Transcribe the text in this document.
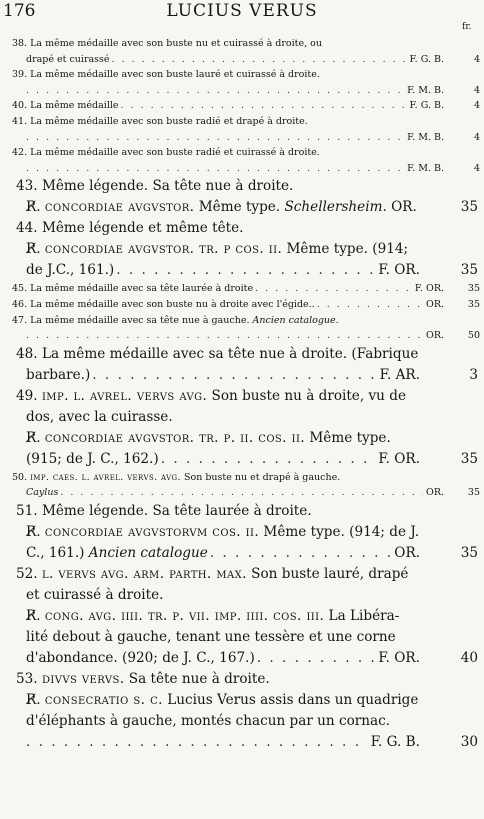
176	LUCIUS VERUS
fr.
38. La même médaille avec son buste nu et cuirassé à droite, ou
drapé et cuirassé . . .	F. G. B.	4
39. La même médaille avec son buste lauré et cuirassé à droite.
. . .
F. M. B.	4
40. La même médaille . . .	F. G. B.	4
41. La même médaille avec son buste radié et drapé à droite.
. . .
F. M. B.	4
42. La même médaille avec son buste radié et cuirassé à droite.
. . .
F. M. B.	4
43. Même légende. Sa tête nue à droite.
R̸. concordiae avgvstor. Même type. Schellersheim. OR.	35
44. Même légende et même tête.
R̸. concordiae avgvstor. tr. p cos. ii. Même type. (914;
de J.C., 161.) . . .	F. OR.	35
45. La même médaille avec sa tête laurée à droite . . .	F. OR.	35
46. La même médaille avec son buste nu à droite avec l'égide.. . . .	OR.	35
47. La même médaille avec sa tête nue à gauche. Ancien catalogue.
. . .
OR.	50
48. La même médaille avec sa tête nue à droite. (Fabrique
barbare.) . . .	F. AR.	3
49. imp. l. avrel. vervs avg. Son buste nu à droite, vu de
dos, avec la cuirasse.
R̸. concordiae avgvstor. tr. p. ii. cos. ii. Même type.
(915; de J. C., 162.) . . .	F. OR.	35
50. imp. caes. l. avrel. vervs. avg. Son buste nu et drapé à gauche.
Caylus . . .	OR.	35
51. Même légende. Sa tête laurée à droite.
R̸. concordiae avgvstorvm cos. ii. Même type. (914; de J.
C., 161.) Ancien catalogue . . .	OR.	35
52. l. vervs avg. arm. parth. max. Son buste lauré, drapé
et cuirassé à droite.
R̸. cong. avg. iiii. tr. p. vii. imp. iiii. cos. iii. La Libéra-
lité debout à gauche, tenant une tessère et une corne
d'abondance. (920; de J. C., 167.) . . .	F. OR.	40
53. divvs vervs. Sa tête nue à droite.
R̸. consecratio s. c. Lucius Verus assis dans un quadrige
d'éléphants à gauche, montés chacun par un cornac.
. . .
F. G. B.	30
